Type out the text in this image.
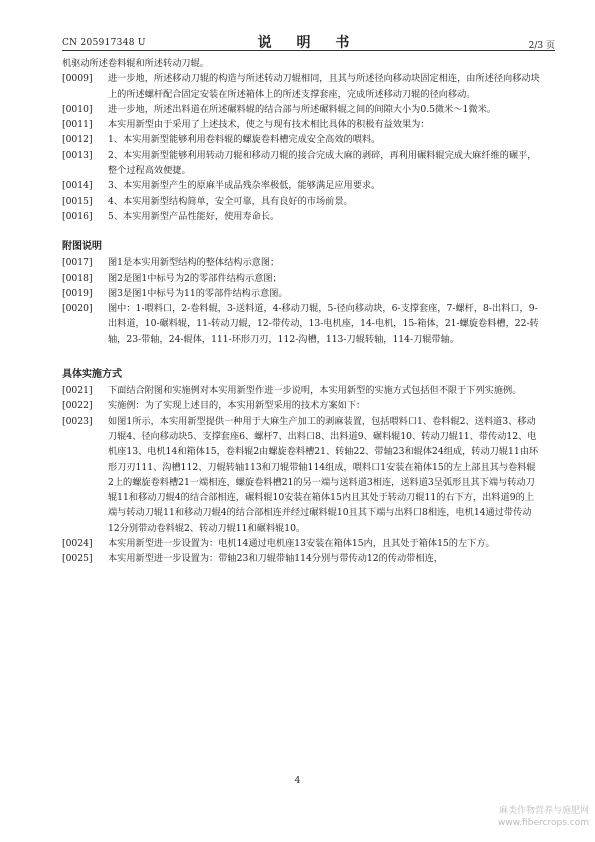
CN 205917348 U	说 明 书	2/3 页
机驱动所述卷料辊和所述转动刀辊。
[0009]	进一步地，所述移动刀辊的构造与所述转动刀辊相同，且其与所述径向移动块固定相连，由所述径向移动块上的所述螺杆配合固定安装在所述箱体上的所述支撑套座，完成所述移动刀辊的径向移动。
[0010]	进一步地，所述出料道在所述碾料辊的结合部与所述碾料辊之间的间隙大小为0.5微米～1微米。
[0011]	本实用新型由于采用了上述技术，使之与现有技术相比具体的积极有益效果为：
[0012]	1、本实用新型能够利用卷料辊的螺旋卷料槽完成安全高效的喂料。
[0013]	2、本实用新型能够利用转动刀辊和移动刀辊的接合完成大麻的剥碎，再利用碾料辊完成大麻纤维的碾平，整个过程高效便捷。
[0014]	3、本实用新型产生的原麻半成品残杂率极低，能够满足应用要求。
[0015]	4、本实用新型结构简单，安全可靠，具有良好的市场前景。
[0016]	5、本实用新型产品性能好，使用寿命长。
附图说明
[0017]	图1是本实用新型结构的整体结构示意图；
[0018]	图2是图1中标号为2的零部件结构示意图；
[0019]	图3是图1中标号为11的零部件结构示意图。
[0020]	图中：1-喂料口，2-卷料辊，3-送料道，4-移动刀辊，5-径向移动块，6-支撑套座，7-螺杆，8-出料口，9-出料道，10-碾料辊，11-转动刀辊，12-带传动，13-电机座，14-电机，15-箱体，21-螺旋卷料槽，22-转轴，23-带轴，24-辊体，111-环形刀刃，112-沟槽，113-刀辊转轴，114-刀辊带轴。
具体实施方式
[0021]	下面结合附图和实施例对本实用新型作进一步说明，本实用新型的实施方式包括但不限于下列实施例。
[0022]	实施例：为了实现上述目的，本实用新型采用的技术方案如下：
[0023]	如图1所示，本实用新型提供一种用于大麻生产加工的剥麻装置，包括喂料口1、卷料辊2、送料道3、移动刀辊4、径向移动块5、支撑套座6、螺杆7、出料口8、出料道9、碾料辊10、转动刀辊11、带传动12、电机座13、电机14和箱体15，卷料辊2由螺旋卷料槽21、转轴22、带轴23和辊体24组成，转动刀辊11由环形刀刃111、沟槽112、刀辊转轴113和刀辊带轴114组成，喂料口1安装在箱体15的左上部且其与卷料辊2上的螺旋卷料槽21一端相连，螺旋卷料槽21的另一端与送料道3相连，送料道3呈弧形且其下端与转动刀辊11和移动刀辊4的结合部相连，碾料辊10安装在箱体15内且其处于转动刀辊11的右下方，出料道9的上端与转动刀辊11和移动刀辊4的结合部相连并经过碾料辊10且其下端与出料口8相连，电机14通过带传动12分别带动卷料辊2、转动刀辊11和碾料辊10。
[0024]	本实用新型进一步设置为：电机14通过电机座13安装在箱体15内，且其处于箱体15的左下方。
[0025]	本实用新型进一步设置为：带轴23和刀辊带轴114分别与带传动12的传动带相连，
4
麻类作物营养与施肥网
www.fibercrops.com
